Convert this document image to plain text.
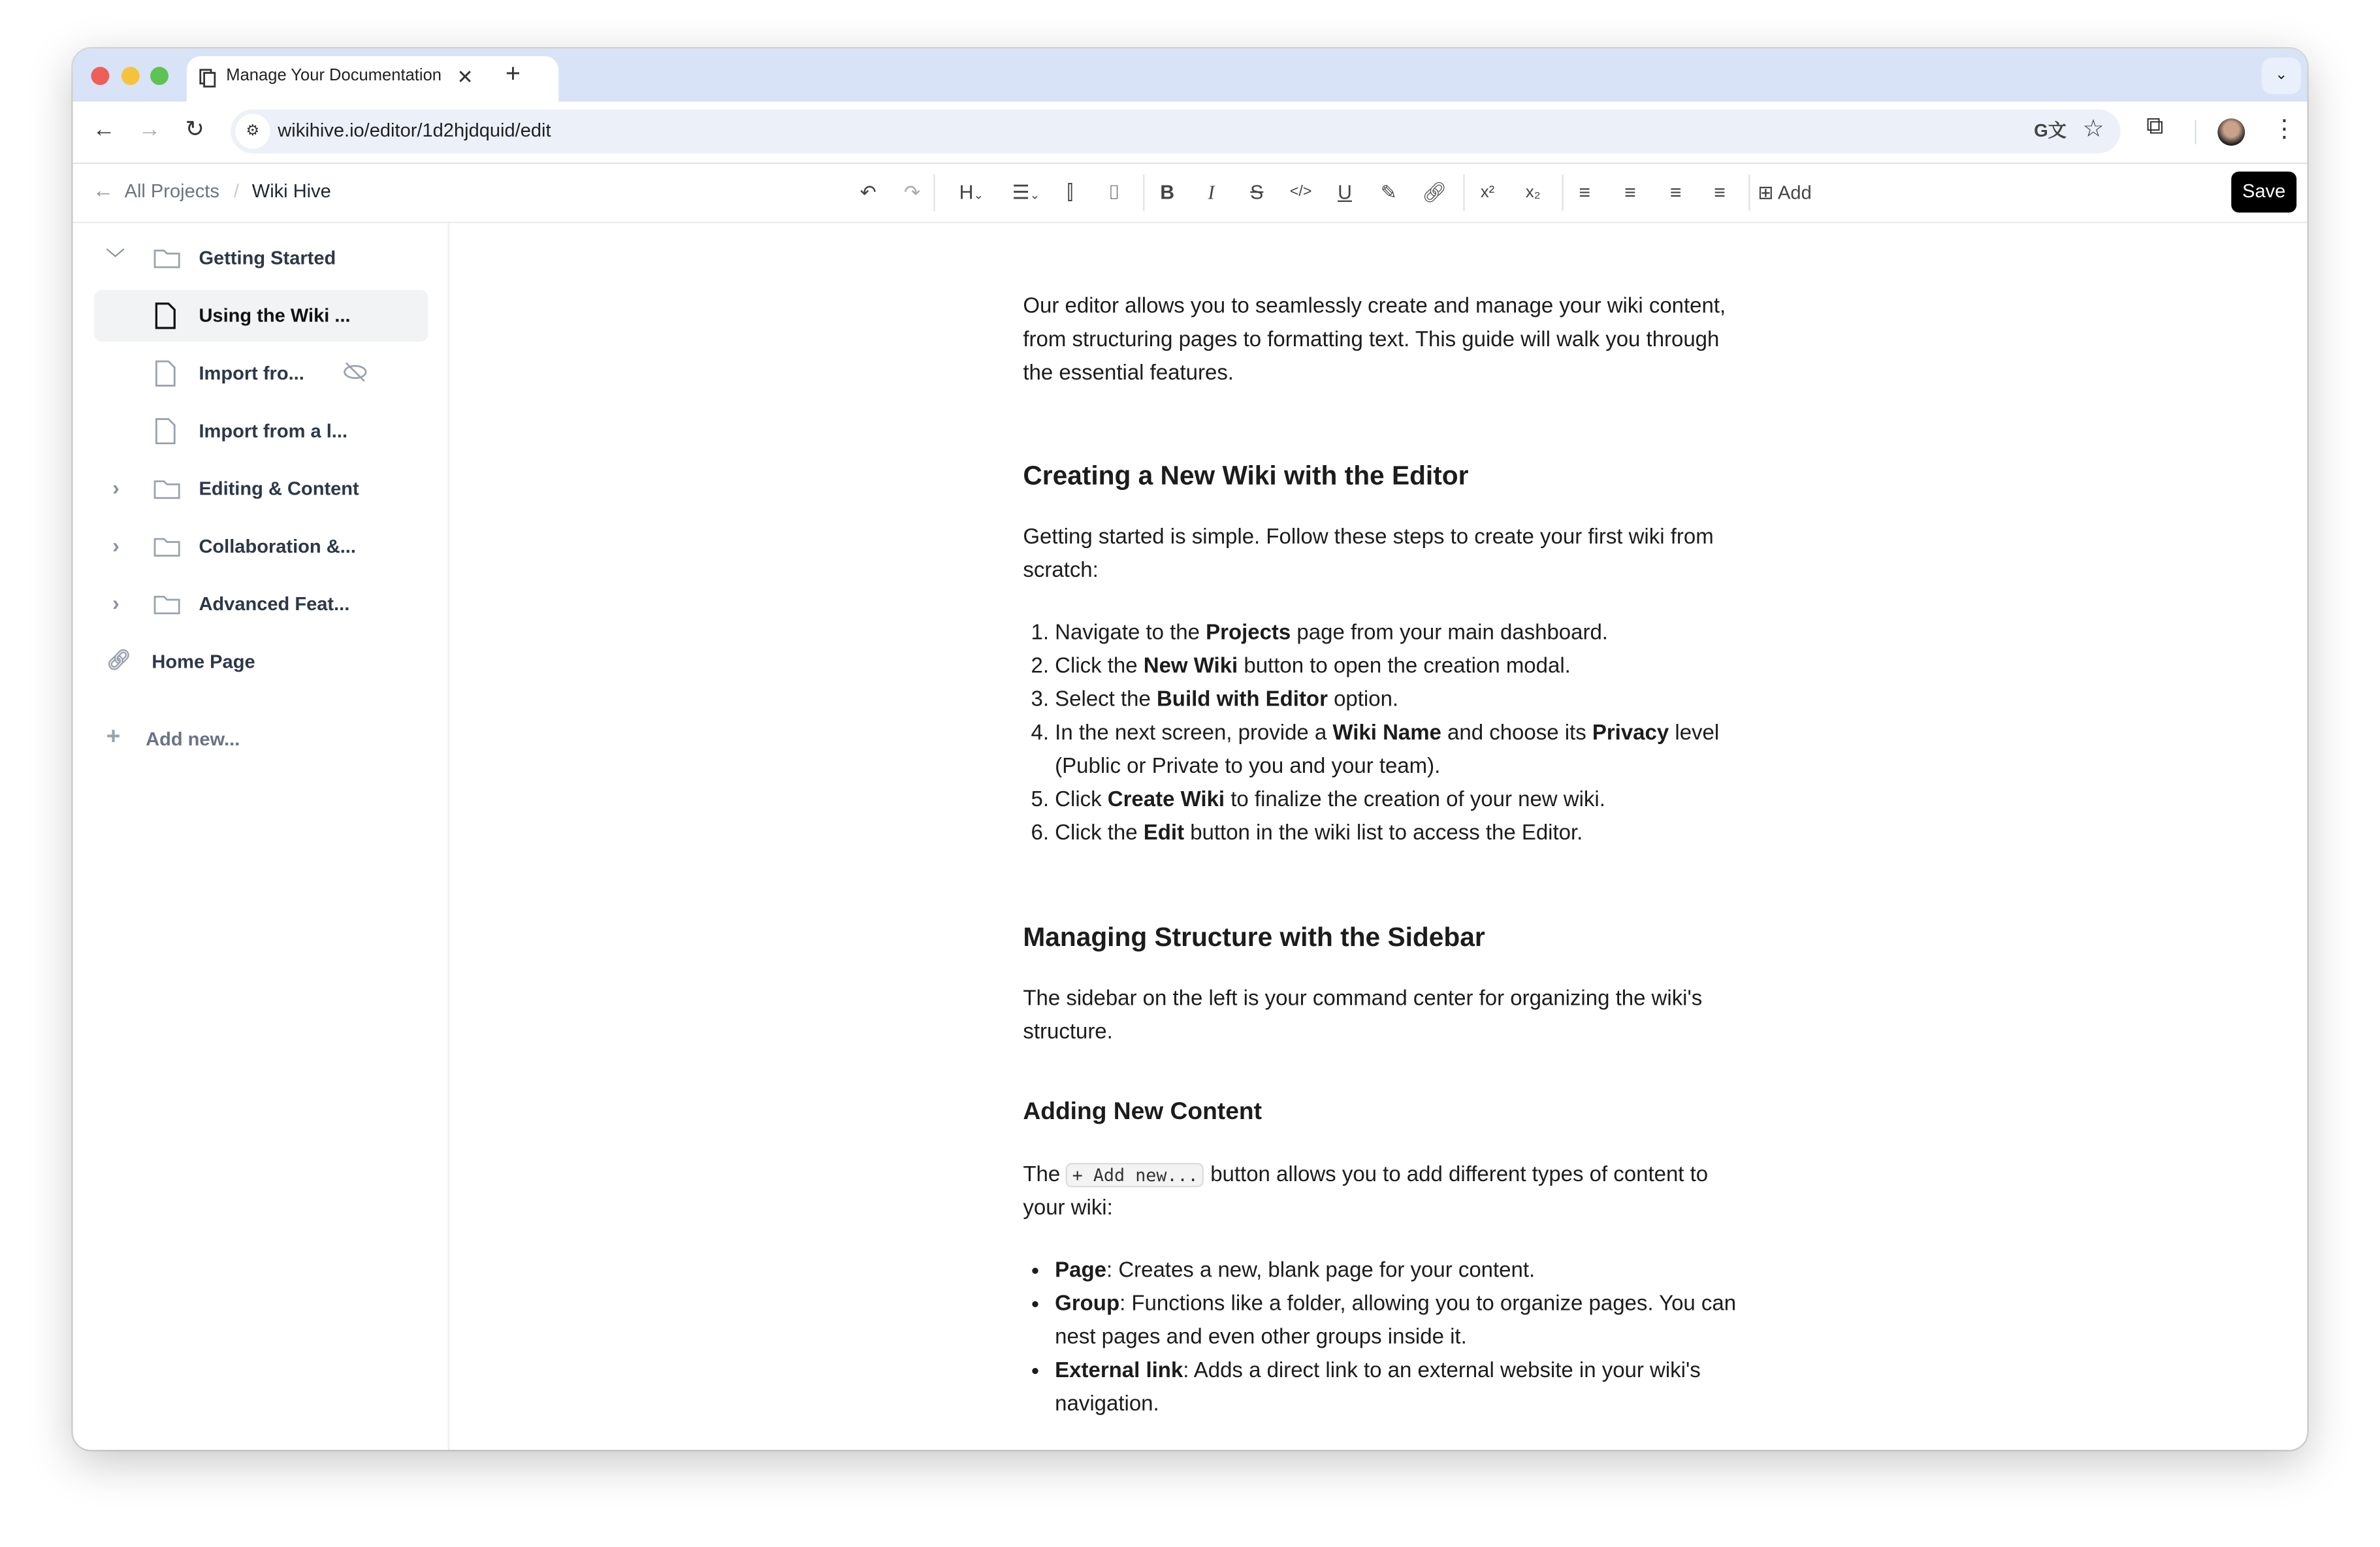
Manage Your Documentation	✕	+	⌄
← → ↻	⚙	wikihive.io/editor/1d2hjdquid/edit	G文 ☆	⧉	⋮
← All Projects / Wiki Hive	↶	↷	H⌄	☰⌄	⫿	⌷	B	I	S	</>	U	✎	🔗︎	x²	x₂	≡	≡	≡	≡	⊞ Add	Save
﹀	Getting Started
Using the Wiki ...
Import fro...
Import from a l...
›	Editing & Content
›	Collaboration &...
›	Advanced Feat...
🔗︎	Home Page
+	Add new...

Our editor allows you to seamlessly create and manage your wiki content, from structuring pages to formatting text. This guide will walk you through the essential features.

Creating a New Wiki with the Editor

Getting started is simple. Follow these steps to create your first wiki from scratch:

1. Navigate to the Projects page from your main dashboard.
2. Click the New Wiki button to open the creation modal.
3. Select the Build with Editor option.
4. In the next screen, provide a Wiki Name and choose its Privacy level (Public or Private to you and your team).
5. Click Create Wiki to finalize the creation of your new wiki.
6. Click the Edit button in the wiki list to access the Editor.
Managing Structure with the Sidebar

The sidebar on the left is your command center for organizing the wiki's structure.

Adding New Content

The + Add new... button allows you to add different types of content to your wiki:

• Page: Creates a new, blank page for your content.
• Group: Functions like a folder, allowing you to organize pages. You can nest pages and even other groups inside it.
• External link: Adds a direct link to an external website in your wiki's navigation.
